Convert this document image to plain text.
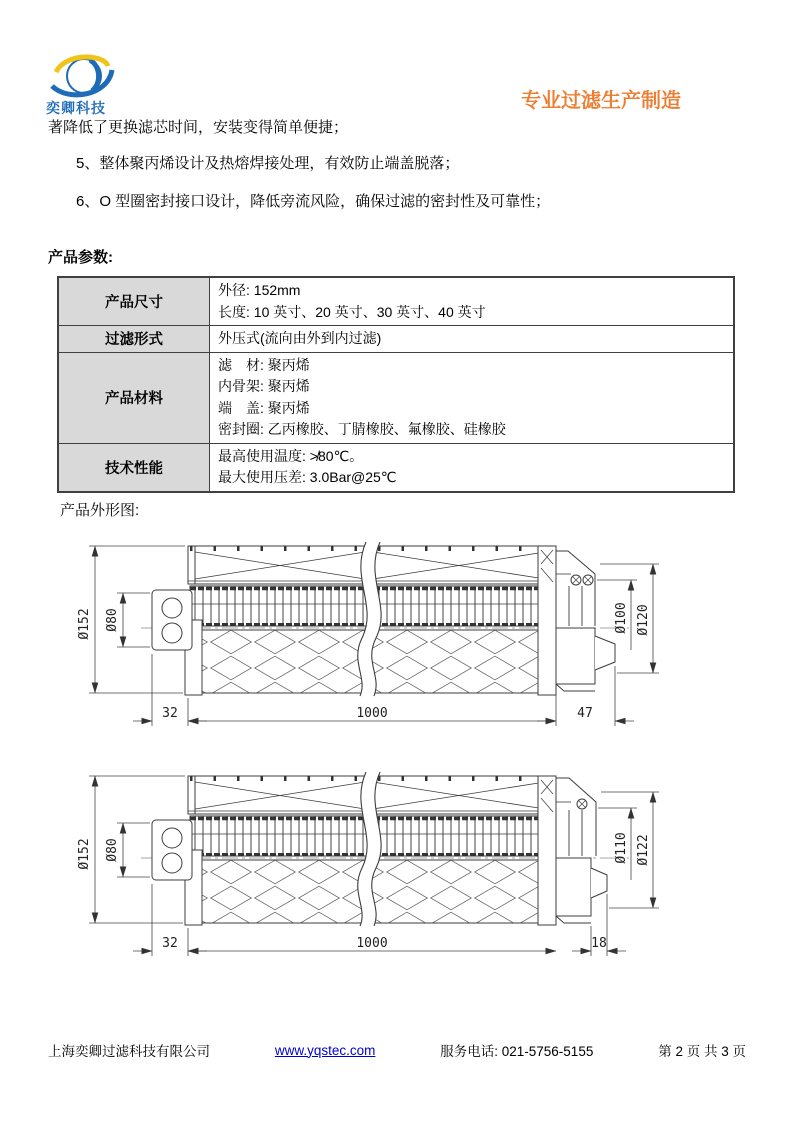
奕卿科技	专业过滤生产制造
著降低了更换滤芯时间，安装变得简单便捷；
5、整体聚丙烯设计及热熔焊接处理，有效防止端盖脱落；
6、O 型圈密封接口设计，降低旁流风险，确保过滤的密封性及可靠性；
产品参数:
产品尺寸	外径: 152mm
长度: 10 英寸、20 英寸、30 英寸、40 英寸

过滤形式	外压式(流向由外到内过滤)

产品材料	滤　材: 聚丙烯
内骨架: 聚丙烯
端　盖: 聚丙烯
密封圈: 乙丙橡胶、丁腈橡胶、氟橡胶、硅橡胶

技术性能	最高使用温度: ≯80℃。
最大使用压差: 3.0Bar@25℃
产品外形图:
Ø152 Ø80	Ø100 Ø120
32	1000	47
Ø152 Ø80	Ø110 Ø122
32	1000	18
上海奕卿过滤科技有限公司	www.yqstec.com	服务电话: 021-5756-5155	第 2 页 共 3 页
